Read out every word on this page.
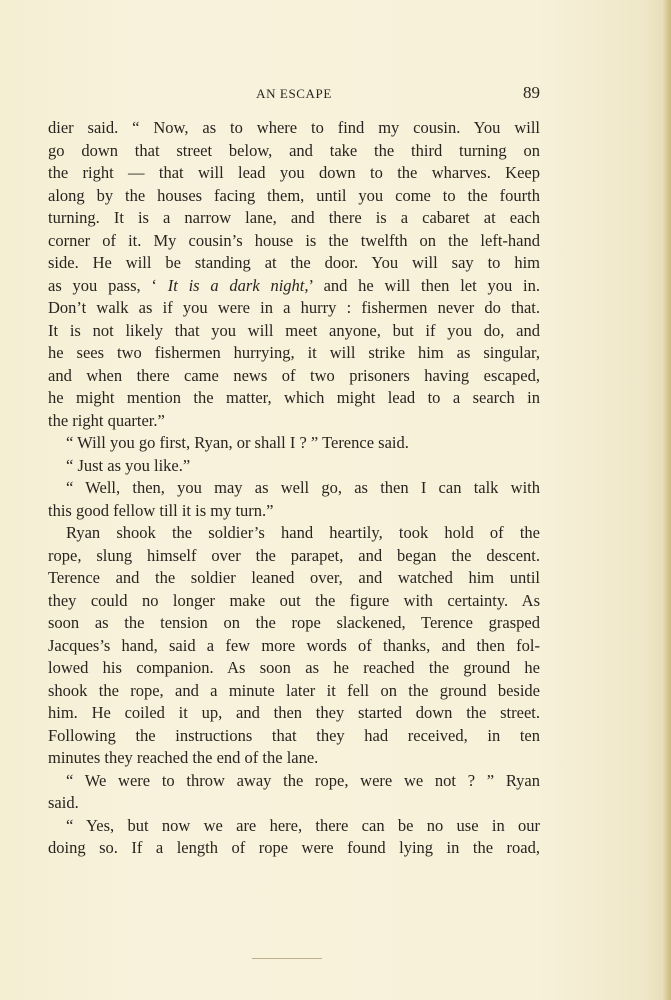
AN ESCAPE	89
dier said. “ Now, as to where to find my cousin. You will
go down that street below, and take the third turning on
the right — that will lead you down to the wharves. Keep
along by the houses facing them, until you come to the fourth
turning. It is a narrow lane, and there is a cabaret at each
corner of it. My cousin’s house is the twelfth on the left-hand
side. He will be standing at the door. You will say to him
as you pass, ‘ It is a dark night,’ and he will then let you in.
Don’t walk as if you were in a hurry : fishermen never do that.
It is not likely that you will meet anyone, but if you do, and
he sees two fishermen hurrying, it will strike him as singular,
and when there came news of two prisoners having escaped,
he might mention the matter, which might lead to a search in
the right quarter.”
“ Will you go first, Ryan, or shall I ? ” Terence said.
“ Just as you like.”
“ Well, then, you may as well go, as then I can talk with
this good fellow till it is my turn.”
Ryan shook the soldier’s hand heartily, took hold of the
rope, slung himself over the parapet, and began the descent.
Terence and the soldier leaned over, and watched him until
they could no longer make out the figure with certainty. As
soon as the tension on the rope slackened, Terence grasped
Jacques’s hand, said a few more words of thanks, and then fol-
lowed his companion. As soon as he reached the ground he
shook the rope, and a minute later it fell on the ground beside
him. He coiled it up, and then they started down the street.
Following the instructions that they had received, in ten
minutes they reached the end of the lane.
“ We were to throw away the rope, were we not ? ” Ryan
said.
“ Yes, but now we are here, there can be no use in our
doing so. If a length of rope were found lying in the road,
